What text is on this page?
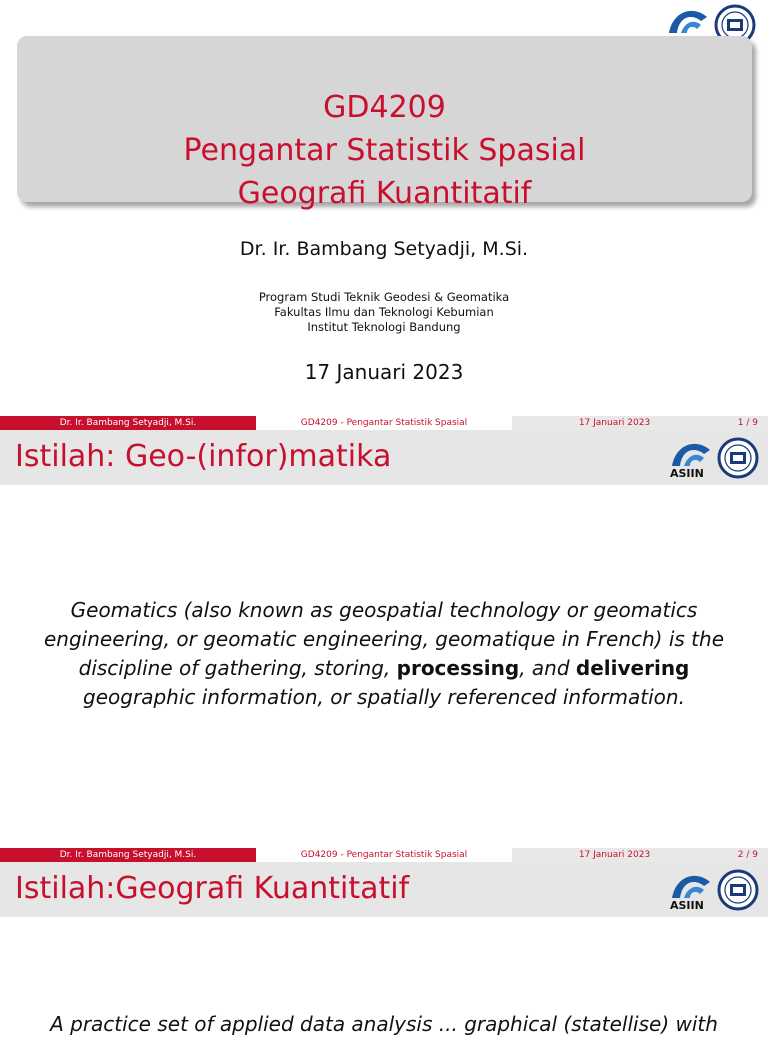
GD4209
Pengantar Statistik Spasial
Geografi Kuantitatif
Dr. Ir. Bambang Setyadji, M.Si.
Program Studi Teknik Geodesi & Geomatika
Fakultas Ilmu dan Teknologi Kebumian
Institut Teknologi Bandung
17 Januari 2023
Dr. Ir. Bambang Setyadji, M.Si.	GD4209 - Pengantar Statistik Spasial	17 Januari 2023	1 / 9
Istilah: Geo-(infor)matika	ASIIN
Geomatics (also known as geospatial technology or geomatics engineering, or geomatic engineering, geomatique in French) is the discipline of gathering, storing, processing, and delivering geographic information, or spatially referenced information.
Dr. Ir. Bambang Setyadji, M.Si.	GD4209 - Pengantar Statistik Spasial	17 Januari 2023	2 / 9
Istilah:Geografi Kuantitatif	ASIIN
A practice set of applied data analysis ... graphical (statellise) with
